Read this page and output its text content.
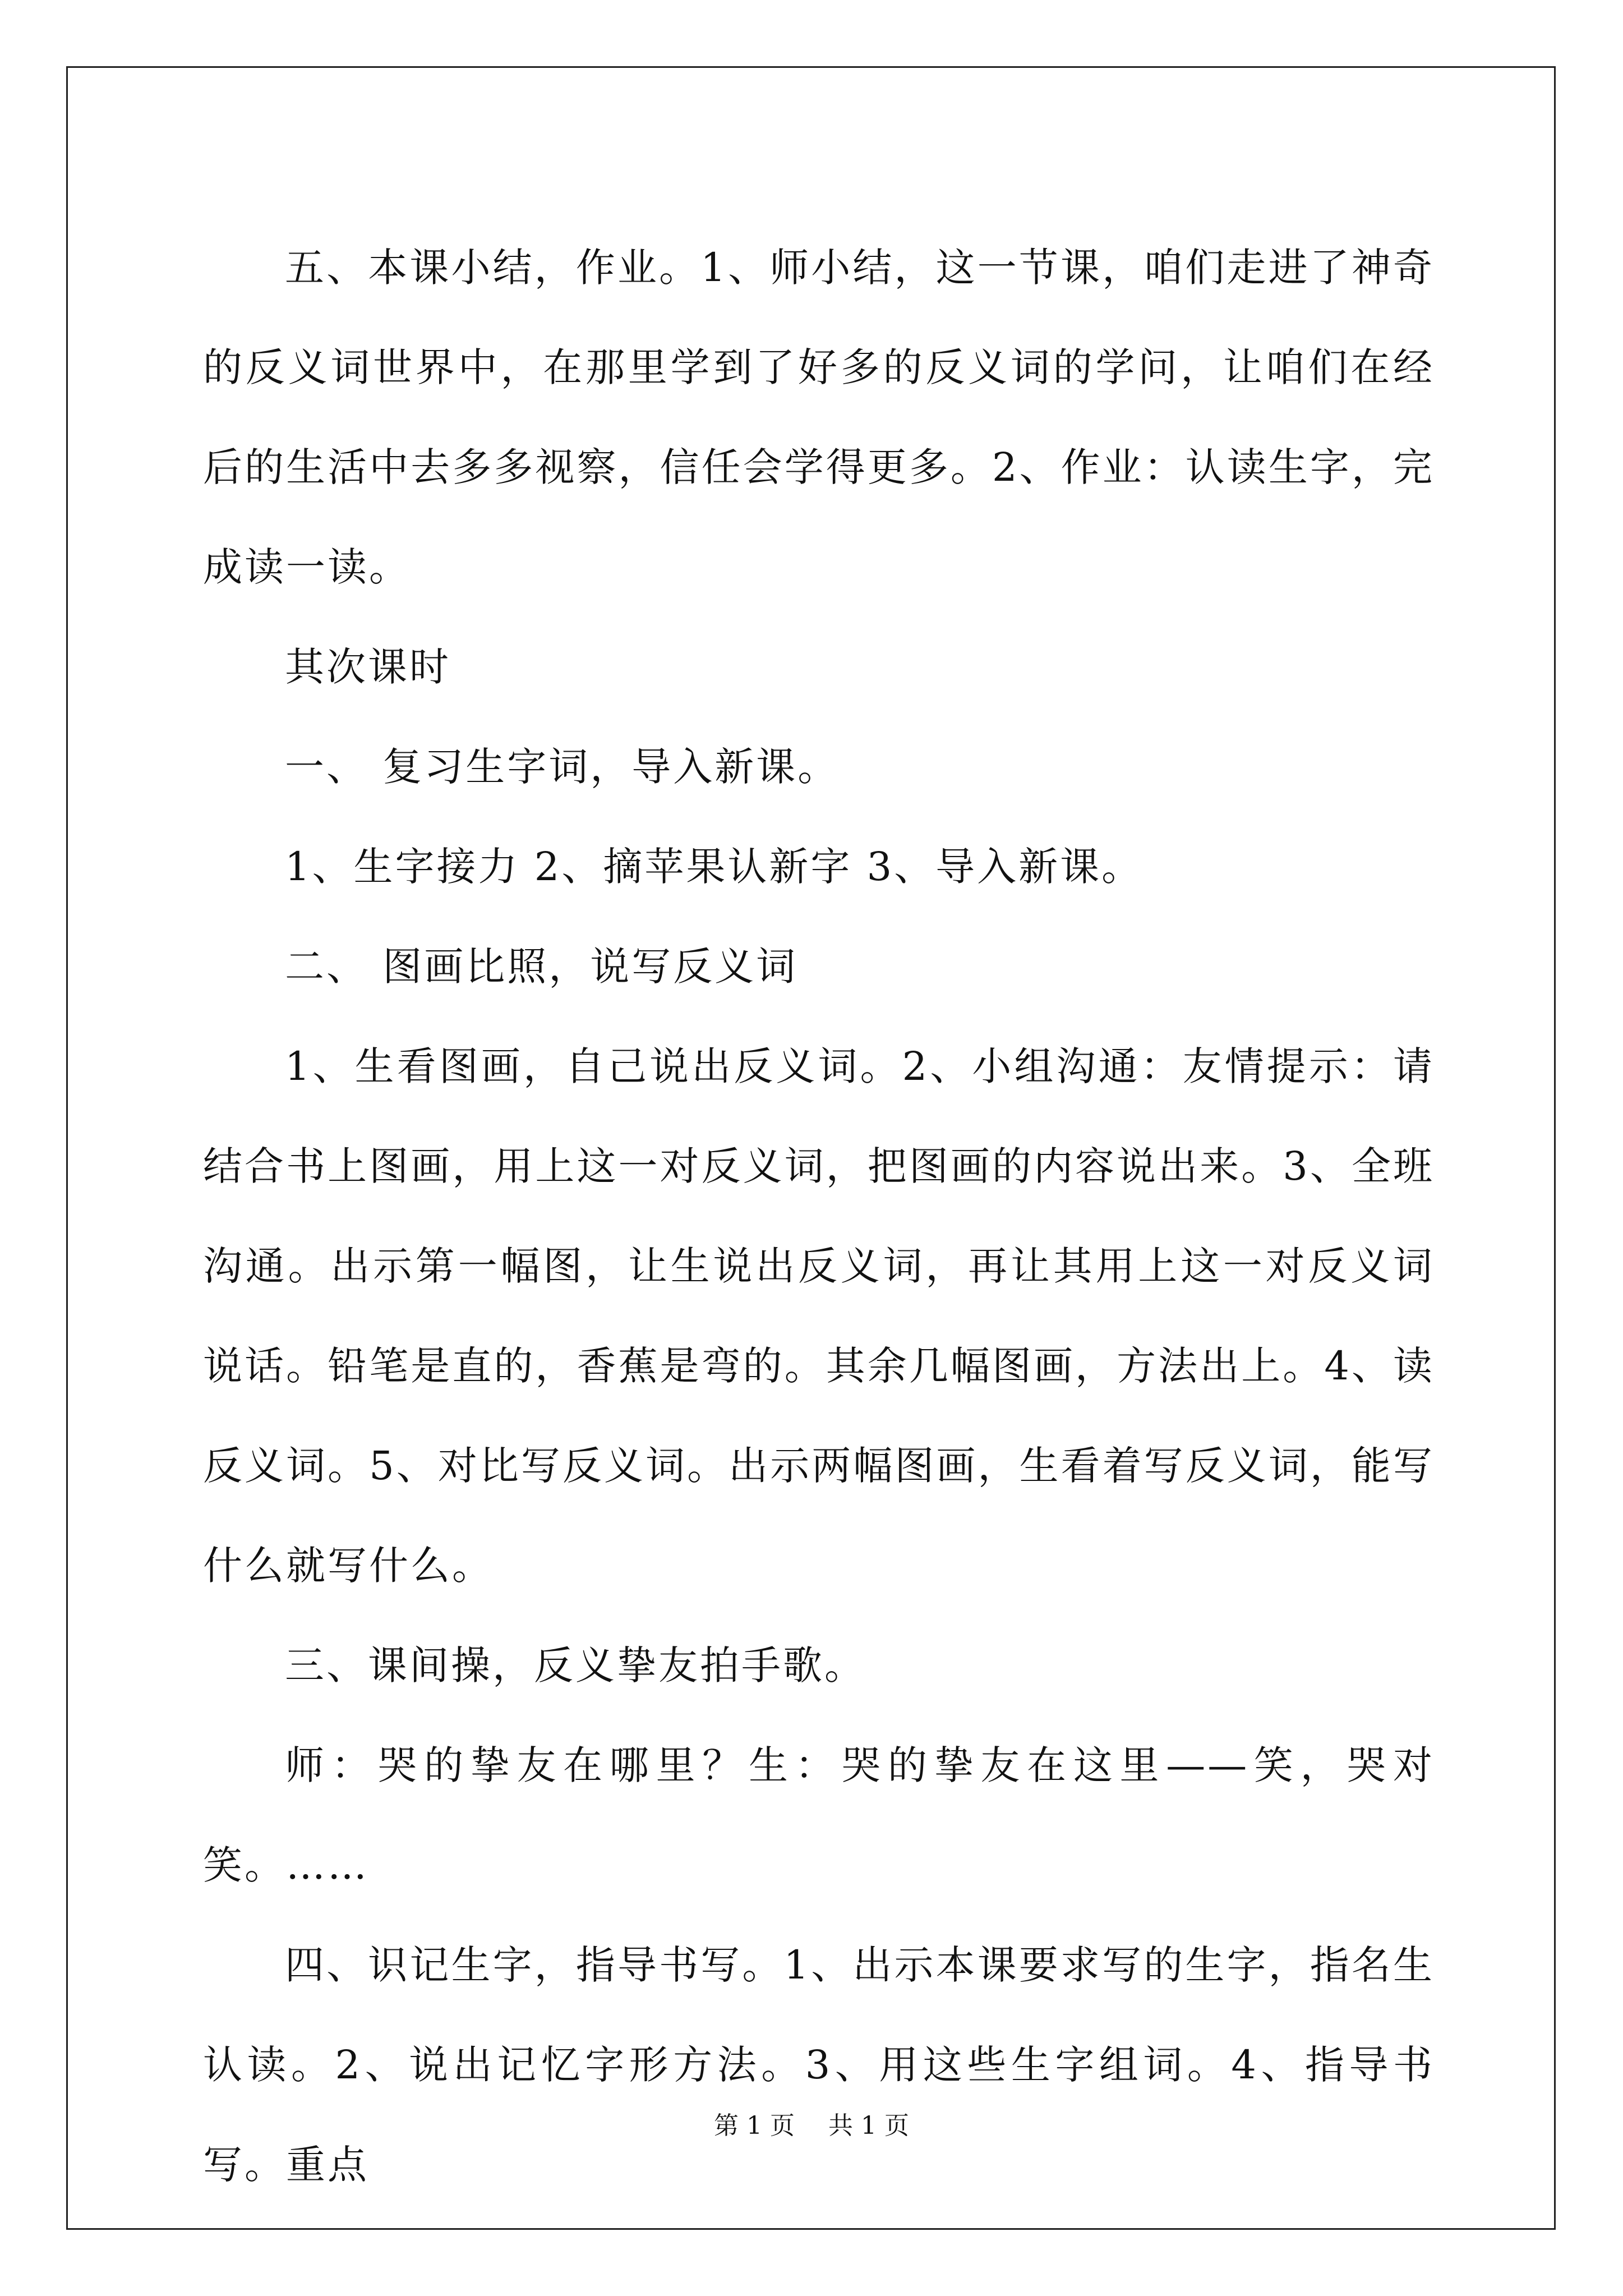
五、本课小结，作业。1、师小结，这一节课，咱们走进了神奇的反义词世界中，在那里学到了好多的反义词的学问，让咱们在经后的生活中去多多视察，信任会学得更多。2、作业：认读生字，完成读一读。

其次课时

一、 复习生字词，导入新课。

1、生字接力 2、摘苹果认新字 3、导入新课。

二、 图画比照，说写反义词

1、生看图画，自己说出反义词。2、小组沟通：友情提示：请结合书上图画，用上这一对反义词，把图画的内容说出来。3、全班沟通。出示第一幅图，让生说出反义词，再让其用上这一对反义词说话。铅笔是直的，香蕉是弯的。其余几幅图画，方法出上。4、读反义词。5、对比写反义词。出示两幅图画，生看着写反义词，能写什么就写什么。

三、课间操，反义挚友拍手歌。

师：哭的挚友在哪里？生：哭的挚友在这里——笑，哭对笑。……

四、识记生字，指导书写。1、出示本课要求写的生字，指名生认读。2、说出记忆字形方法。3、用这些生字组词。4、指导书写。重点

第 1 页 共 1 页
